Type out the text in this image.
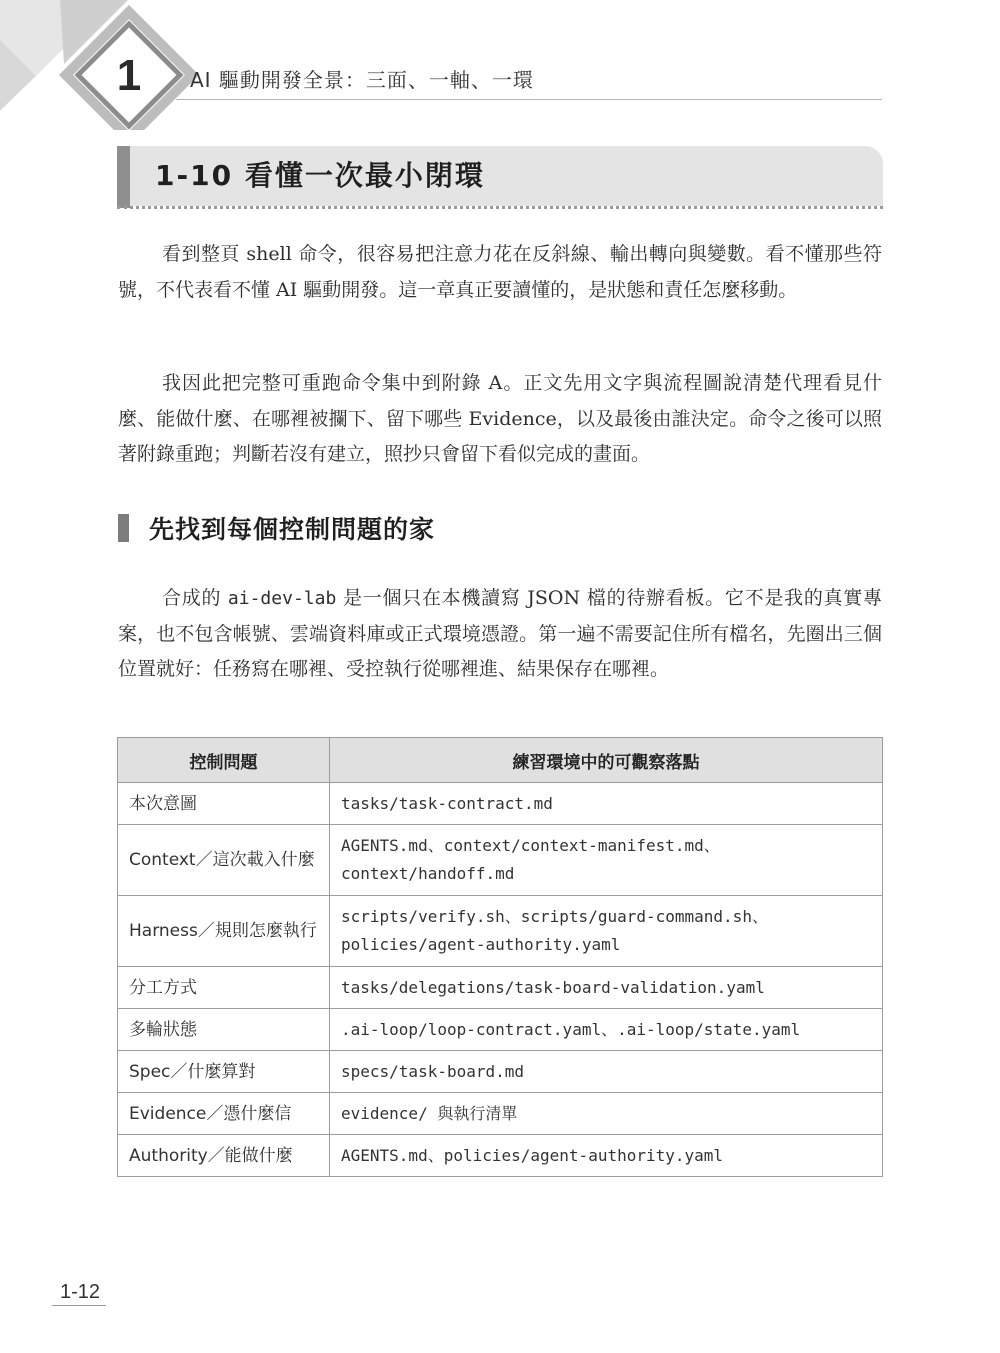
1	AI 驅動開發全景：三面、一軸、一環
1-10 看懂一次最小閉環

看到整頁 shell 命令，很容易把注意力花在反斜線、輸出轉向與變數。看不懂那些符號，不代表看不懂 AI 驅動開發。這一章真正要讀懂的，是狀態和責任怎麼移動。

我因此把完整可重跑命令集中到附錄 A。正文先用文字與流程圖說清楚代理看見什麼、能做什麼、在哪裡被攔下、留下哪些 Evidence，以及最後由誰決定。命令之後可以照著附錄重跑；判斷若沒有建立，照抄只會留下看似完成的畫面。

先找到每個控制問題的家

合成的 ai-dev-lab 是一個只在本機讀寫 JSON 檔的待辦看板。它不是我的真實專案，也不包含帳號、雲端資料庫或正式環境憑證。第一遍不需要記住所有檔名，先圈出三個位置就好：任務寫在哪裡、受控執行從哪裡進、結果保存在哪裡。

控制問題	練習環境中的可觀察落點
本次意圖	tasks/task-contract.md
Context／這次載入什麼	AGENTS.md、context/context-manifest.md、context/handoff.md
Harness／規則怎麼執行	scripts/verify.sh、scripts/guard-command.sh、policies/agent-authority.yaml
分工方式	tasks/delegations/task-board-validation.yaml
多輪狀態	.ai-loop/loop-contract.yaml、.ai-loop/state.yaml
Spec／什麼算對	specs/task-board.md
Evidence／憑什麼信	evidence/ 與執行清單
Authority／能做什麼	AGENTS.md、policies/agent-authority.yaml
1-12
